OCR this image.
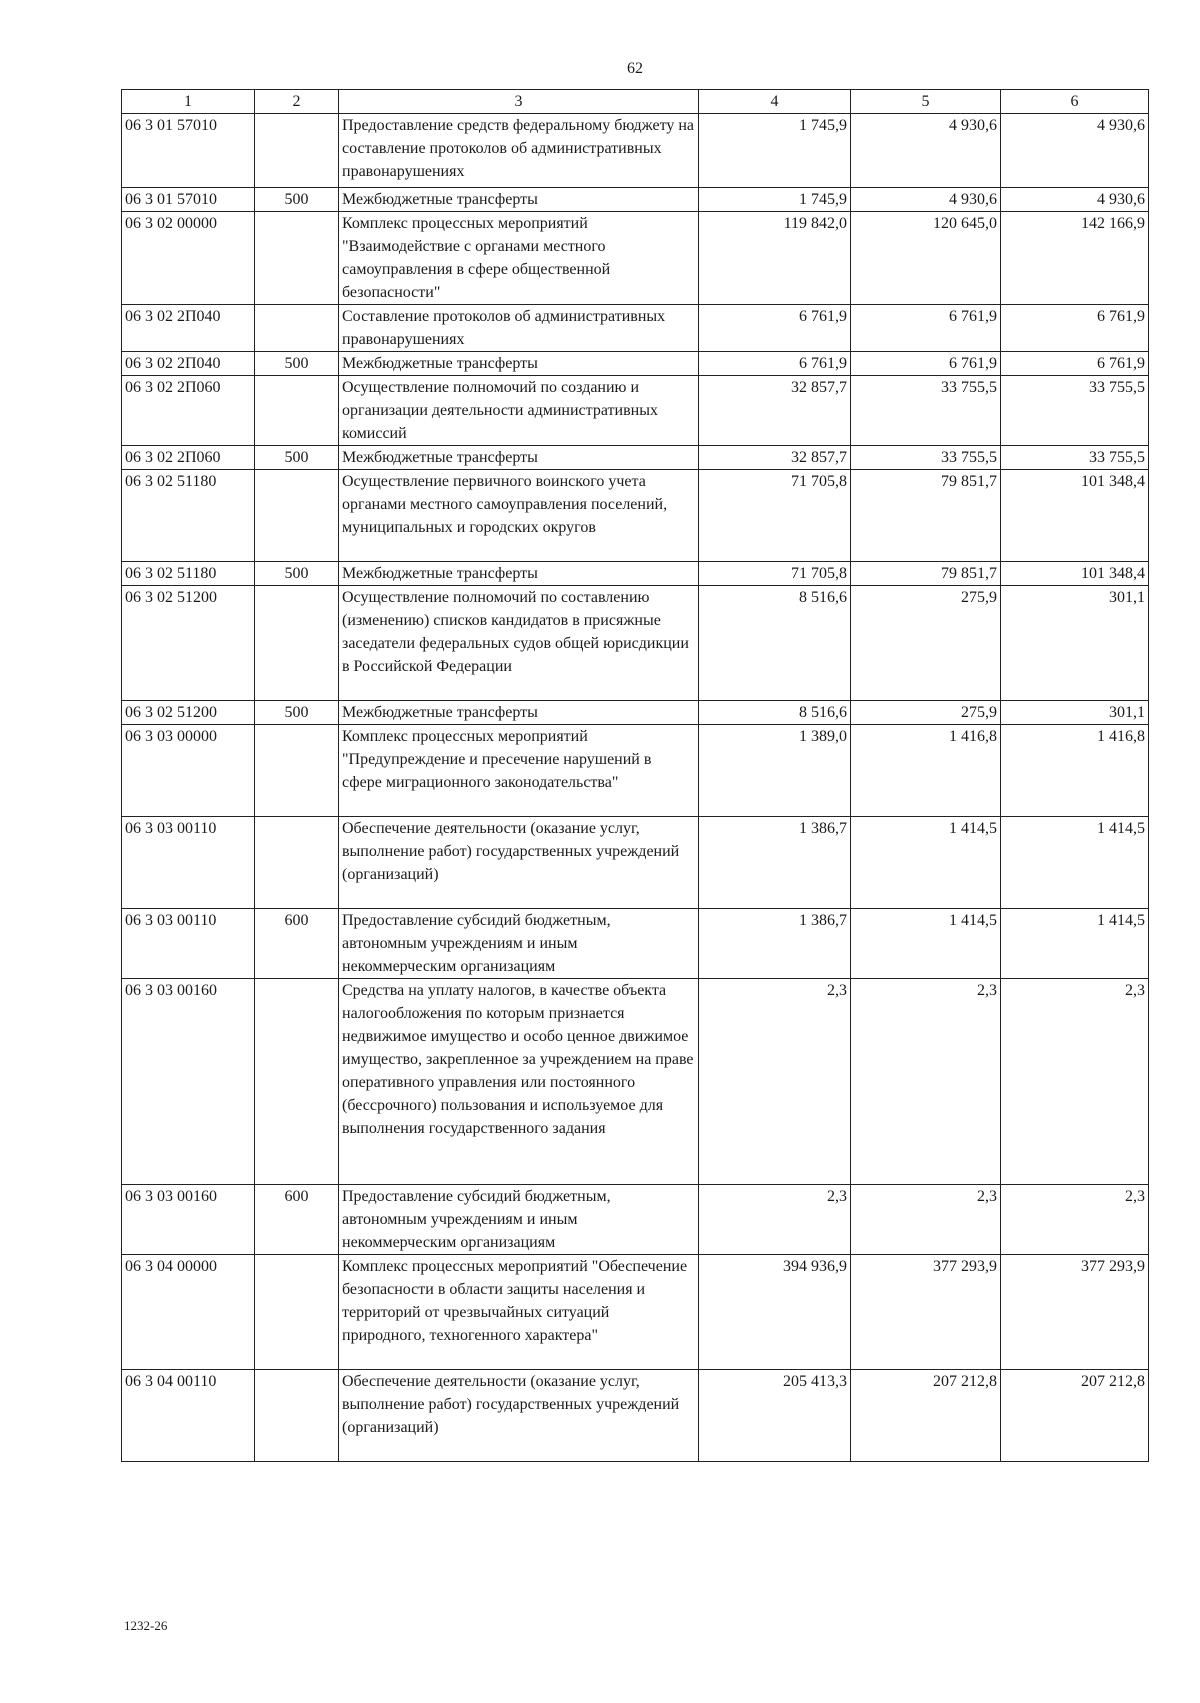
62
1	2	3	4	5	6
06 3 01 57010		Предоставление средств федеральному бюджету на составление протоколов об административных правонарушениях	1 745,9	4 930,6	4 930,6
06 3 01 57010	500	Межбюджетные трансферты	1 745,9	4 930,6	4 930,6
06 3 02 00000		Комплекс процессных мероприятий "Взаимодействие с органами местного самоуправления в сфере общественной безопасности"	119 842,0	120 645,0	142 166,9
06 3 02 2П040		Составление протоколов об административных правонарушениях	6 761,9	6 761,9	6 761,9
06 3 02 2П040	500	Межбюджетные трансферты	6 761,9	6 761,9	6 761,9
06 3 02 2П060		Осуществление полномочий по созданию и организации деятельности административных комиссий	32 857,7	33 755,5	33 755,5
06 3 02 2П060	500	Межбюджетные трансферты	32 857,7	33 755,5	33 755,5
06 3 02 51180		Осуществление первичного воинского учета органами местного самоуправления поселений, муниципальных и городских округов	71 705,8	79 851,7	101 348,4
06 3 02 51180	500	Межбюджетные трансферты	71 705,8	79 851,7	101 348,4
06 3 02 51200		Осуществление полномочий по составлению (изменению) списков кандидатов в присяжные заседатели федеральных судов общей юрисдикции в Российской Федерации	8 516,6	275,9	301,1
06 3 02 51200	500	Межбюджетные трансферты	8 516,6	275,9	301,1
06 3 03 00000		Комплекс процессных мероприятий "Предупреждение и пресечение нарушений в сфере миграционного законодательства"	1 389,0	1 416,8	1 416,8
06 3 03 00110		Обеспечение деятельности (оказание услуг, выполнение работ) государственных учреждений (организаций)	1 386,7	1 414,5	1 414,5
06 3 03 00110	600	Предоставление субсидий бюджетным, автономным учреждениям и иным некоммерческим организациям	1 386,7	1 414,5	1 414,5
06 3 03 00160		Средства на уплату налогов, в качестве объекта налогообложения по которым признается недвижимое имущество и особо ценное движимое имущество, закрепленное за учреждением на праве оперативного управления или постоянного (бессрочного) пользования и используемое для выполнения государственного задания	2,3	2,3	2,3
06 3 03 00160	600	Предоставление субсидий бюджетным, автономным учреждениям и иным некоммерческим организациям	2,3	2,3	2,3
06 3 04 00000		Комплекс процессных мероприятий "Обеспечение безопасности в области защиты населения и территорий от чрезвычайных ситуаций природного, техногенного характера"	394 936,9	377 293,9	377 293,9
06 3 04 00110		Обеспечение деятельности (оказание услуг, выполнение работ) государственных учреждений (организаций)	205 413,3	207 212,8	207 212,8
1232-26
